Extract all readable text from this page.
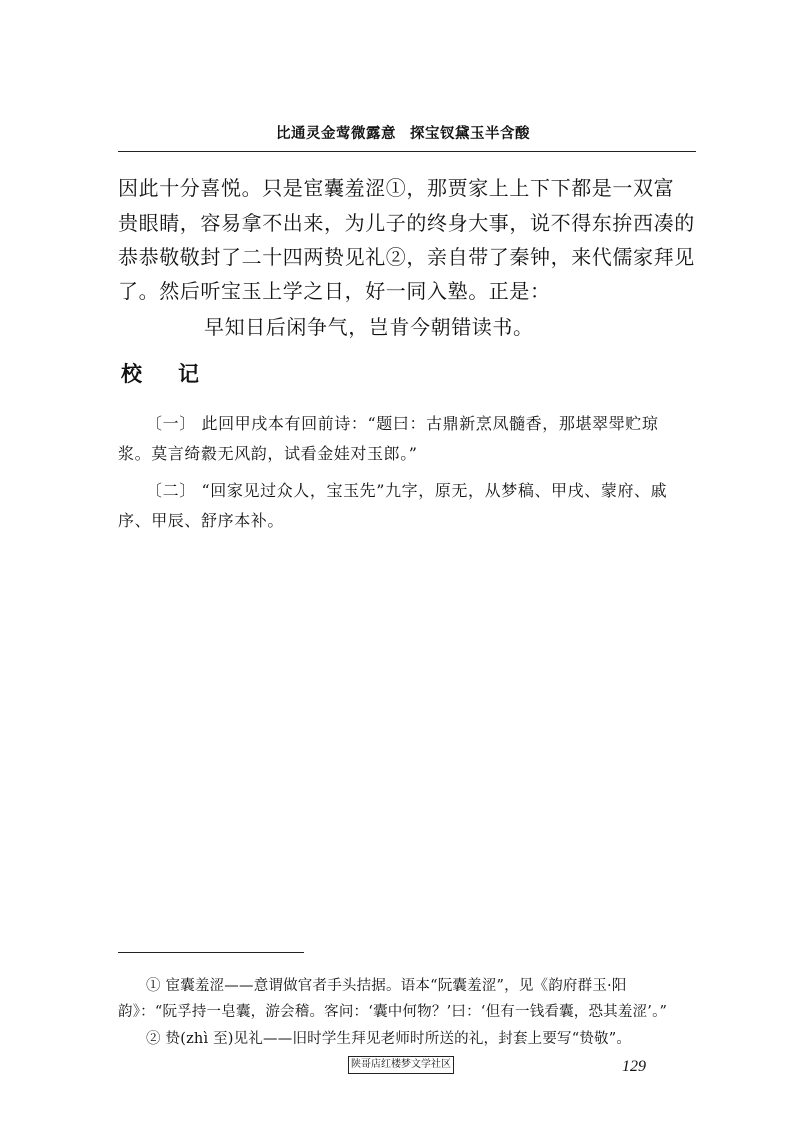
比通灵金莺微露意 探宝钗黛玉半含酸
因此十分喜悦。只是宦囊羞涩①，那贾家上上下下都是一双富
贵眼睛，容易拿不出来，为儿子的终身大事，说不得东拚西凑的
恭恭敬敬封了二十四两贽见礼②，亲自带了秦钟，来代儒家拜见
了。然后听宝玉上学之日，好一同入塾。正是：
早知日后闲争气，岂肯今朝错读书。
校 记
〔一〕 此回甲戌本有回前诗：“题曰：古鼎新烹凤髓香，那堪翠斝贮琼
浆。莫言绮縠无风韵，试看金娃对玉郎。”
〔二〕 “回家见过众人，宝玉先”九字，原无，从梦稿、甲戌、蒙府、戚
序、甲辰、舒序本补。
① 宦囊羞涩——意谓做官者手头拮据。语本“阮囊羞涩”，见《韵府群玉·阳
韵》：“阮孚持一皂囊，游会稽。客问：‘囊中何物？’曰：‘但有一钱看囊，恐其羞涩’。”
② 贽(zhì 至)见礼——旧时学生拜见老师时所送的礼，封套上要写“贽敬”。
陕哥店红楼梦文学社区	129
